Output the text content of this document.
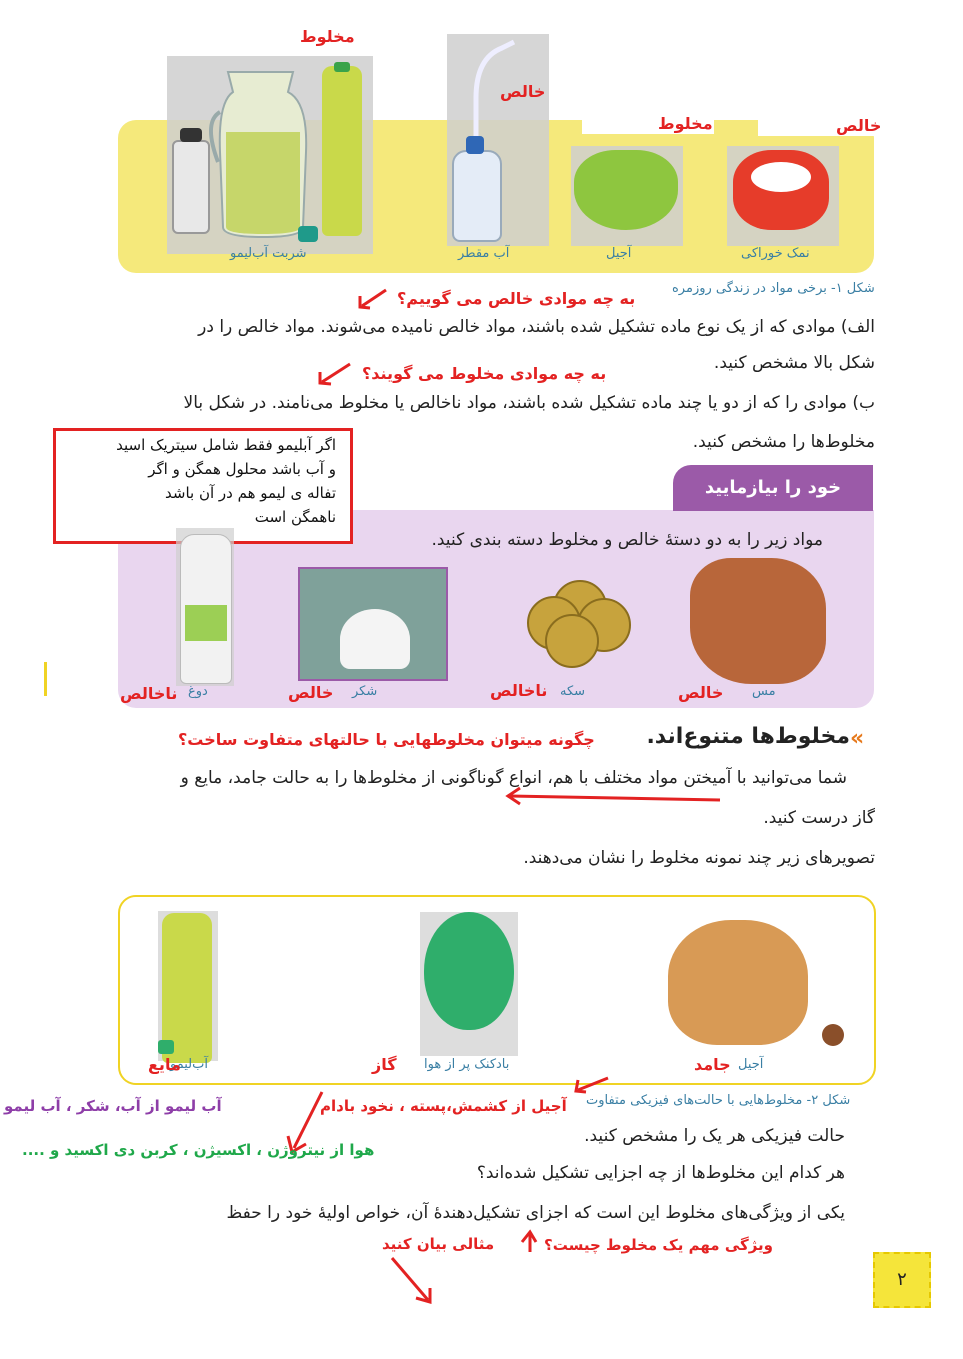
مخلوط
خالص
مخلوط	خالص
نمک خوراکی
آجیل
آب مقطر
شربت آب‌لیمو
شکل ۱- برخی مواد در زندگی روزمره
به چه موادی خالص می گوییم؟
الف) موادی که از یک نوع ماده تشکیل شده باشند، مواد خالص نامیده می‌شوند. مواد خالص را در
شکل بالا مشخص کنید.
به چه موادی مخلوط می گویند؟
ب) موادی را که از دو یا چند ماده تشکیل شده باشند، مواد ناخالص یا مخلوط می‌نامند. در شکل بالا
مخلوط‌ها را مشخص کنید.
خود را بیازمایید
مواد زیر را به دو دستهٔ خالص و مخلوط دسته بندی کنید.
اگر آبلیمو فقط شامل سیتریک اسید
و آب باشد محلول همگن و اگر
تفاله ی لیمو هم در آن باشد
ناهمگن است
مس
خالص
سکه
ناخالص
شکر
خالص
دوغ
ناخالص
»
مخلوط‌ها متنوع‌اند.
چگونه میتوان مخلوطهایی با حالتهای متفاوت ساخت؟
شما می‌توانید با آمیختن مواد مختلف با هم، انواع گوناگونی از مخلوط‌ها را به حالت جامد، مایع و
گاز درست کنید.
تصویرهای زیر چند نمونه مخلوط را نشان می‌دهند.
آجیل
جامد
بادکنک پر از هوا
گاز
آب‌لیمو
مایع
شکل ۲- مخلوط‌هایی با حالت‌های فیزیکی متفاوت
آجیل از کشمش،پسته ، نخود بادام
آب لیمو از آب، شکر ، آب لیمو
هوا از نیتروژن ، اکسیژن ، کربن دی اکسید و ....
حالت فیزیکی هر یک را مشخص کنید.
هر کدام این مخلوط‌ها از چه اجزایی تشکیل شده‌اند؟
یکی از ویژگی‌های مخلوط این است که اجزای تشکیل‌دهندهٔ آن، خواص اولیهٔ خود را حفظ
ویژگی مهم یک مخلوط چیست؟
مثالی بیان کنید
۲
